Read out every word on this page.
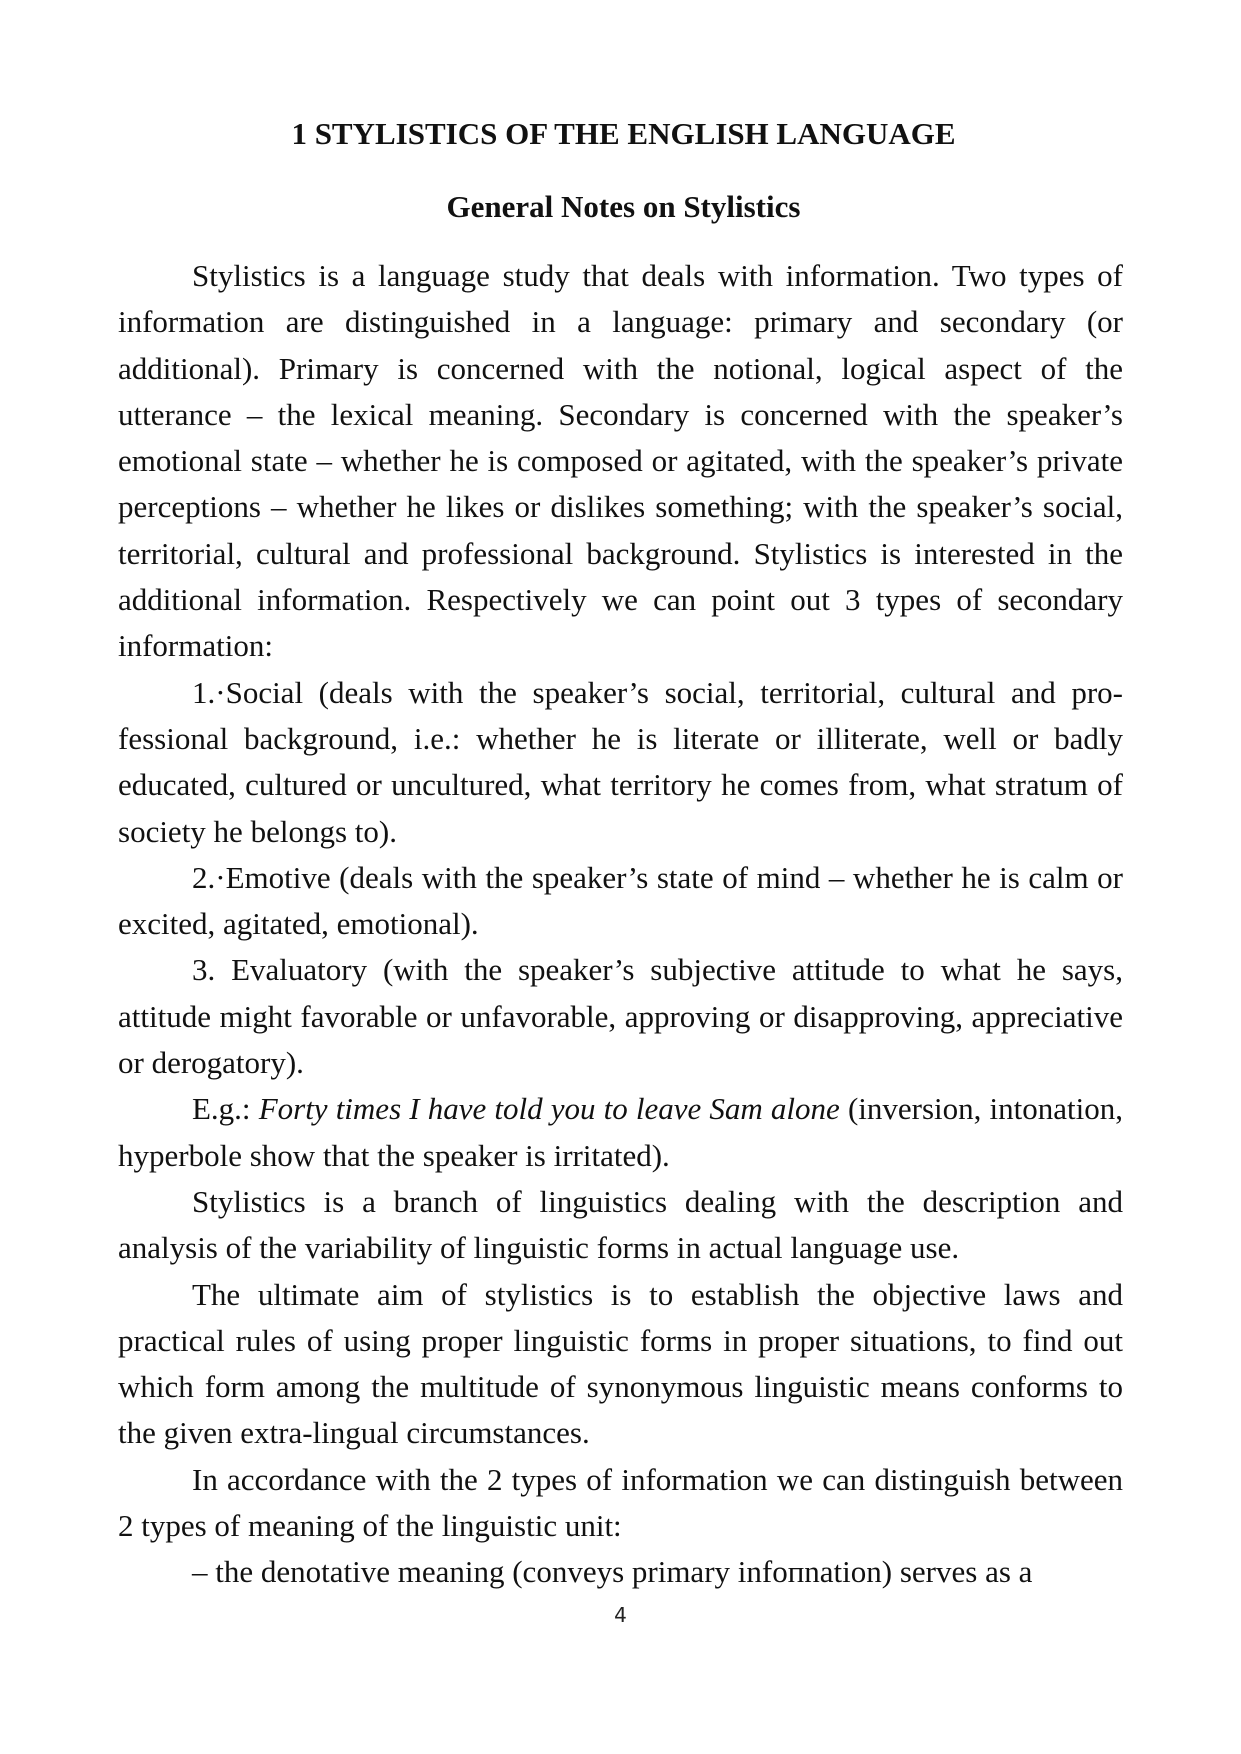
1 STYLISTICS OF THE ENGLISH LANGUAGE
General Notes on Stylistics

Stylistics is a language study that deals with information. Two types of information are distinguished in a language: primary and secondary (or additional). Primary is concerned with the notional, logical aspect of the utterance – the lexical meaning. Secondary is concerned with the speaker’s emotional state – whether he is composed or agitated, with the speaker’s private perceptions – whether he likes or dislikes something; with the speaker’s social, territorial, cultural and professional background. Stylistics is interested in the additional information. Respectively we can point out 3 types of secondary information:

1.·Social (deals with the speaker’s social, territorial, cultural and professional background, i.e.: whether he is literate or illiterate, well or badly educated, cultured or uncultured, what territory he comes from, what stratum of society he belongs to).

2.·Emotive (deals with the speaker’s state of mind – whether he is calm or excited, agitated, emotional).

3. Evaluatory (with the speaker’s subjective attitude to what he says, attitude might favorable or unfavorable, approving or disapproving, appreciative or derogatory).

E.g.: Forty times I have told you to leave Sam alone (inversion, intonation, hyperbole show that the speaker is irritated).

Stylistics is a branch of linguistics dealing with the description and analysis of the variability of linguistic forms in actual language use.

The ultimate aim of stylistics is to establish the objective laws and practical rules of using proper linguistic forms in proper situations, to find out which form among the multitude of synonymous linguistic means conforms to the given extra-lingual circumstances.

In accordance with the 2 types of information we can distinguish between 2 types of meaning of the linguistic unit:

– the denotative meaning (conveys primary infoпnation) serves as a

4
